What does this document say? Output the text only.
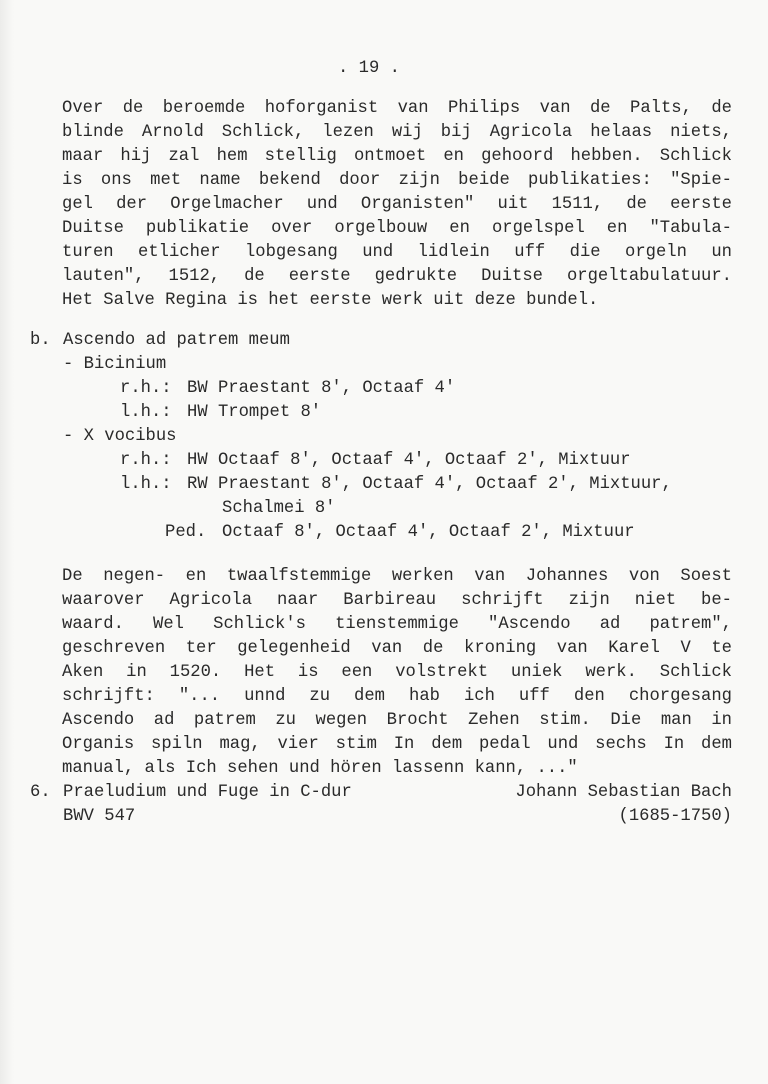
. 19 .
Over de beroemde hoforganist van Philips van de Palts, de
blinde Arnold Schlick, lezen wij bij Agricola helaas niets,
maar hij zal hem stellig ontmoet en gehoord hebben. Schlick
is ons met name bekend door zijn beide publikaties: "Spie-
gel der Orgelmacher und Organisten" uit 1511, de eerste
Duitse publikatie over orgelbouw en orgelspel en "Tabula-
turen etlicher lobgesang und lidlein uff die orgeln un
lauten", 1512, de eerste gedrukte Duitse orgeltabulatuur.
Het Salve Regina is het eerste werk uit deze bundel.
b. Ascendo ad patrem meum
- Bicinium
r.h.: BW Praestant 8', Octaaf 4'
l.h.: HW Trompet 8'
- X vocibus
r.h.: HW Octaaf 8', Octaaf 4', Octaaf 2', Mixtuur
l.h.: RW Praestant 8', Octaaf 4', Octaaf 2', Mixtuur,
Schalmei 8'
Ped. Octaaf 8', Octaaf 4', Octaaf 2', Mixtuur
De negen- en twaalfstemmige werken van Johannes von Soest
waarover Agricola naar Barbireau schrijft zijn niet be-
waard. Wel Schlick's tienstemmige "Ascendo ad patrem",
geschreven ter gelegenheid van de kroning van Karel V te
Aken in 1520. Het is een volstrekt uniek werk. Schlick
schrijft: "... unnd zu dem hab ich uff den chorgesang
Ascendo ad patrem zu wegen Brocht Zehen stim. Die man in
Organis spiln mag, vier stim In dem pedal und sechs In dem
manual, als Ich sehen und hören lassenn kann, ..."
6. Praeludium und Fuge in C-dur
BWV 547
Johann Sebastian Bach
(1685-1750)
